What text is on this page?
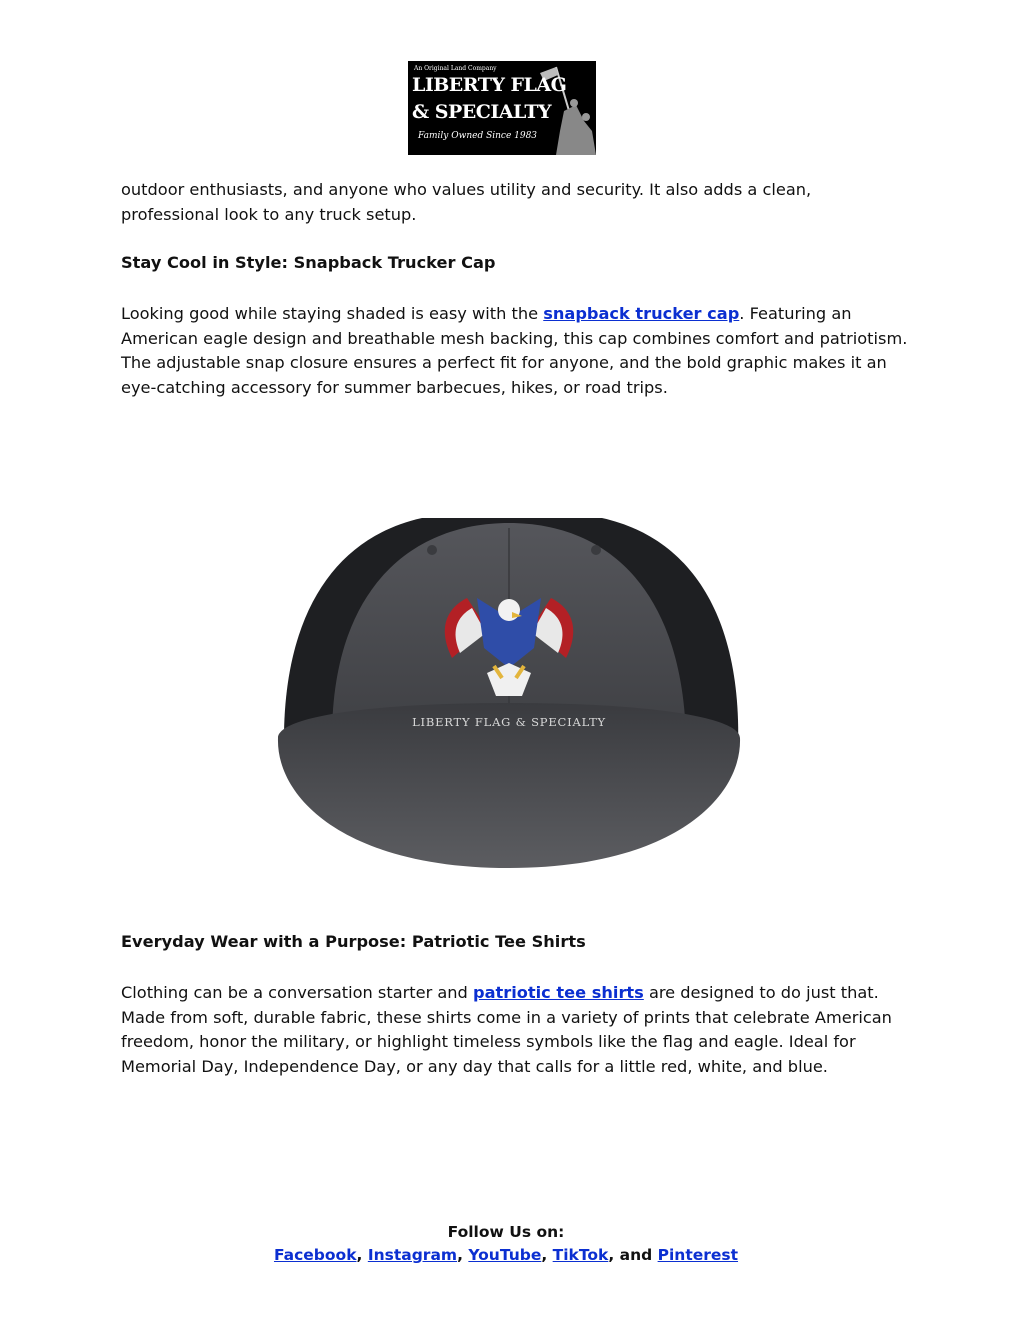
An Original Land Company
LIBERTY FLAG
& SPECIALTY
Family Owned Since 1983

outdoor enthusiasts, and anyone who values utility and security. It also adds a clean, professional look to any truck setup.

Stay Cool in Style: Snapback Trucker Cap

Looking good while staying shaded is easy with the snapback trucker cap. Featuring an American eagle design and breathable mesh backing, this cap combines comfort and patriotism. The adjustable snap closure ensures a perfect fit for anyone, and the bold graphic makes it an eye-catching accessory for summer barbecues, hikes, or road trips.

LIBERTY FLAG & SPECIALTY

Everyday Wear with a Purpose: Patriotic Tee Shirts

Clothing can be a conversation starter and patriotic tee shirts are designed to do just that. Made from soft, durable fabric, these shirts come in a variety of prints that celebrate American freedom, honor the military, or highlight timeless symbols like the flag and eagle. Ideal for Memorial Day, Independence Day, or any day that calls for a little red, white, and blue.

Follow Us on:
Facebook, Instagram, YouTube, TikTok, and Pinterest
